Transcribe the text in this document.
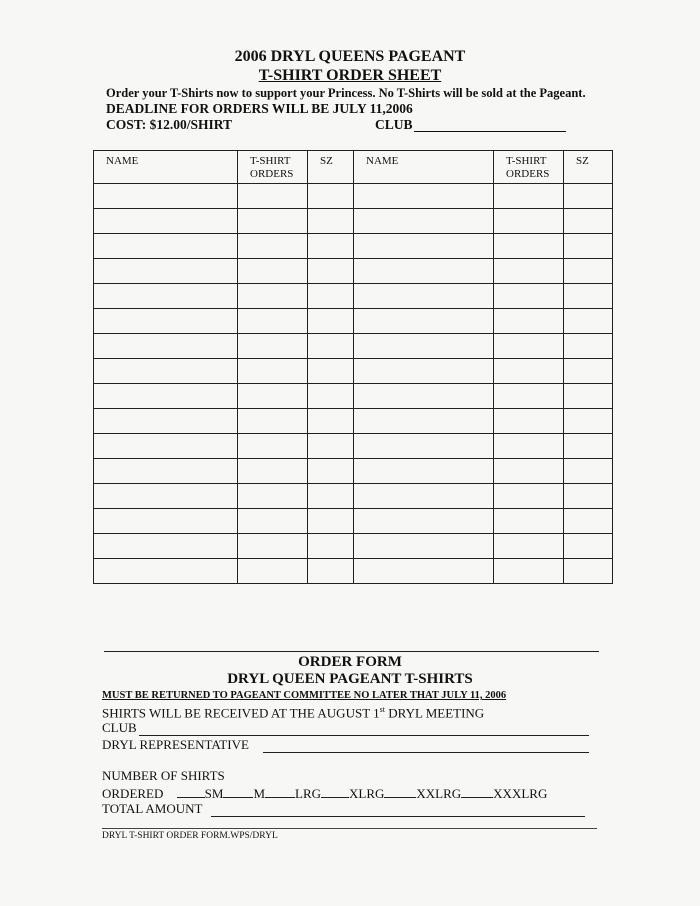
2006 DRYL QUEENS PAGEANT
T-SHIRT ORDER SHEET
Order your T-Shirts now to support your Princess. No T-Shirts will be sold at the Pageant.
DEADLINE FOR ORDERS WILL BE JULY 11,2006
COST: $12.00/SHIRT	CLUB
NAME	T-SHIRT ORDERS	SZ	NAME	T-SHIRT ORDERS	SZ

ORDER FORM
DRYL QUEEN PAGEANT T-SHIRTS
MUST BE RETURNED TO PAGEANT COMMITTEE NO LATER THAT JULY 11, 2006
SHIRTS WILL BE RECEIVED AT THE AUGUST 1st DRYL MEETING
CLUB
DRYL REPRESENTATIVE
NUMBER OF SHIRTS
ORDERED	SM M LRG XLRG XXLRG XXXLRG
TOTAL AMOUNT
DRYL T-SHIRT ORDER FORM.WPS/DRYL
